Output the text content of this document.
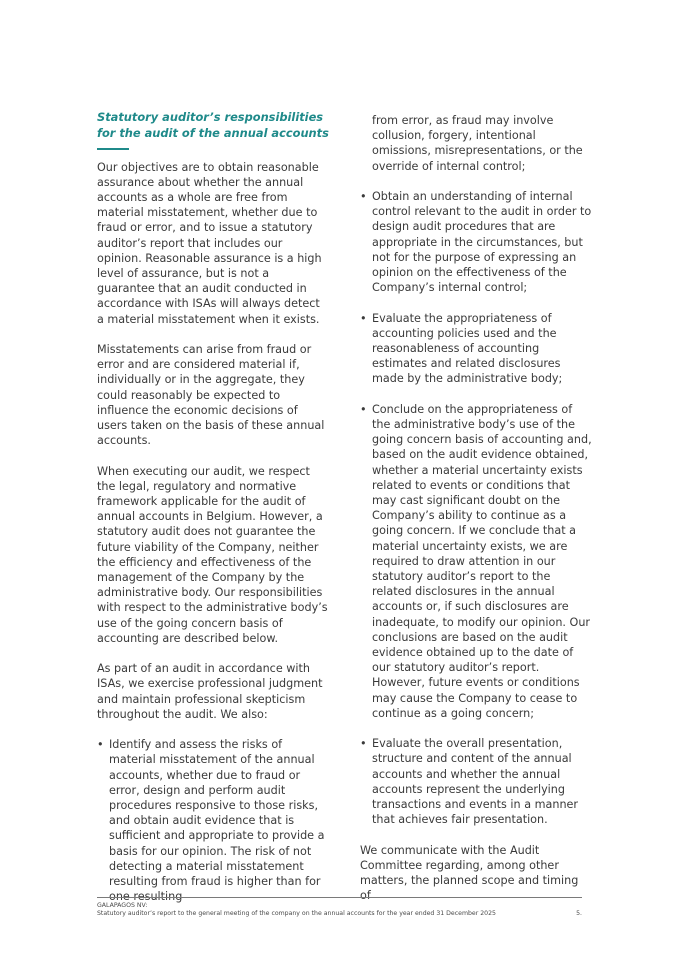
Statutory auditor’s responsibilities for the audit of the annual accounts

Our objectives are to obtain reasonable assurance about whether the annual accounts as a whole are free from material misstatement, whether due to fraud or error, and to issue a statutory auditor’s report that includes our opinion. Reasonable assurance is a high level of assurance, but is not a guarantee that an audit conducted in accordance with ISAs will always detect a material misstatement when it exists.

Misstatements can arise from fraud or error and are considered material if, individually or in the aggregate, they could reasonably be expected to influence the economic decisions of users taken on the basis of these annual accounts.

When executing our audit, we respect the legal, regulatory and normative framework applicable for the audit of annual accounts in Belgium. However, a statutory audit does not guarantee the future viability of the Company, neither the efficiency and effectiveness of the management of the Company by the administrative body. Our responsibilities with respect to the administrative body’s use of the going concern basis of accounting are described below.

As part of an audit in accordance with ISAs, we exercise professional judgment and maintain professional skepticism throughout the audit. We also:

• Identify and assess the risks of material misstatement of the annual accounts, whether due to fraud or error, design and perform audit procedures responsive to those risks, and obtain audit evidence that is sufficient and appropriate to provide a basis for our opinion. The risk of not detecting a material misstatement resulting from fraud is higher than for one resulting
from error, as fraud may involve collusion, forgery, intentional omissions, misrepresentations, or the override of internal control;
• Obtain an understanding of internal control relevant to the audit in order to design audit procedures that are appropriate in the circumstances, but not for the purpose of expressing an opinion on the effectiveness of the Company’s internal control;
• Evaluate the appropriateness of accounting policies used and the reasonableness of accounting estimates and related disclosures made by the administrative body;
• Conclude on the appropriateness of the administrative body’s use of the going concern basis of accounting and, based on the audit evidence obtained, whether a material uncertainty exists related to events or conditions that may cast significant doubt on the Company’s ability to continue as a going concern. If we conclude that a material uncertainty exists, we are required to draw attention in our statutory auditor’s report to the related disclosures in the annual accounts or, if such disclosures are inadequate, to modify our opinion. Our conclusions are based on the audit evidence obtained up to the date of our statutory auditor’s report. However, future events or conditions may cause the Company to cease to continue as a going concern;
• Evaluate the overall presentation, structure and content of the annual accounts and whether the annual accounts represent the underlying transactions and events in a manner that achieves fair presentation.

We communicate with the Audit Committee regarding, among other matters, the planned scope and timing of

GALAPAGOS NV:
Statutory auditor’s report to the general meeting of the company on the annual accounts for the year ended 31 December 2025	5.
